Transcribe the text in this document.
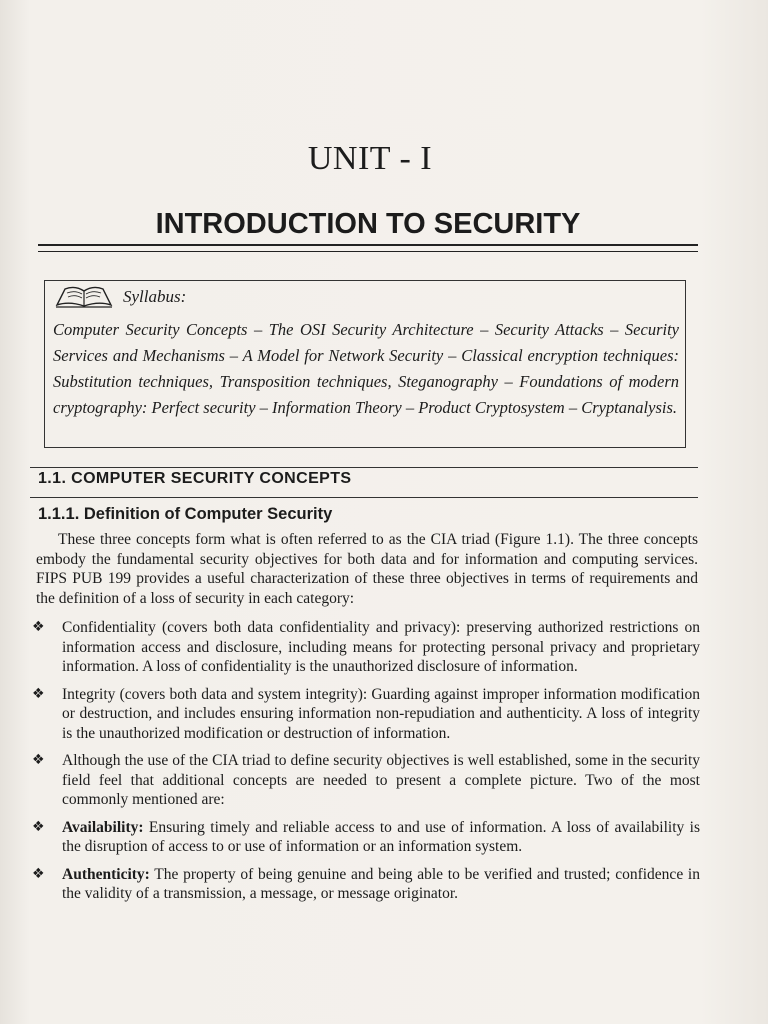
UNIT - I
INTRODUCTION TO SECURITY
Syllabus:
Computer Security Concepts – The OSI Security Architecture – Security Attacks – Security Services and Mechanisms – A Model for Network Security – Classical encryption techniques: Substitution techniques, Transposition techniques, Steganography – Foundations of modern cryptography: Perfect security – Information Theory – Product Cryptosystem – Cryptanalysis.
1.1. COMPUTER SECURITY CONCEPTS
1.1.1. Definition of Computer Security

These three concepts form what is often referred to as the CIA triad (Figure 1.1). The three concepts embody the fundamental security objectives for both data and for information and computing services. FIPS PUB 199 provides a useful characterization of these three objectives in terms of requirements and the definition of a loss of security in each category:

❖	Confidentiality (covers both data confidentiality and privacy): preserving authorized restrictions on information access and disclosure, including means for protecting personal privacy and proprietary information. A loss of confidentiality is the unauthorized disclosure of information.
❖	Integrity (covers both data and system integrity): Guarding against improper information modification or destruction, and includes ensuring information non-repudiation and authenticity. A loss of integrity is the unauthorized modification or destruction of information.
❖	Although the use of the CIA triad to define security objectives is well established, some in the security field feel that additional concepts are needed to present a complete picture. Two of the most commonly mentioned are:
❖	Availability: Ensuring timely and reliable access to and use of information. A loss of availability is the disruption of access to or use of information or an information system.
❖	Authenticity: The property of being genuine and being able to be verified and trusted; confidence in the validity of a transmission, a message, or message originator.
